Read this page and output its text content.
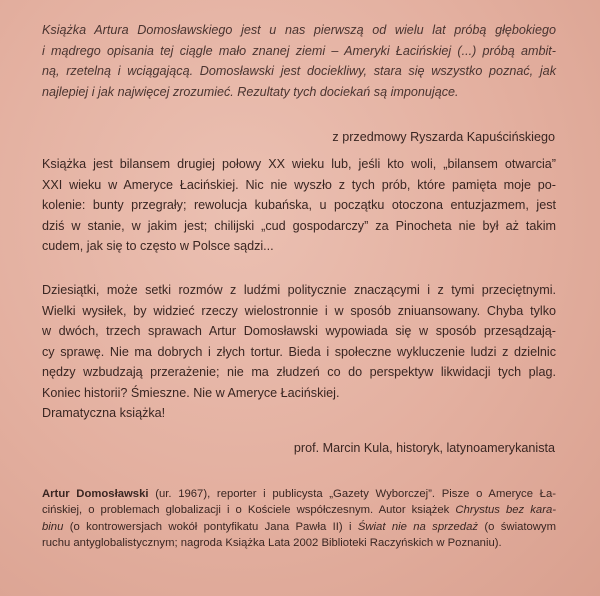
Książka Artura Domosławskiego jest u nas pierwszą od wielu lat próbą głębokiego
i mądrego opisania tej ciągle mało znanej ziemi – Ameryki Łacińskiej (...) próbą ambit-
ną, rzetelną i wciągającą. Domosławski jest dociekliwy, stara się wszystko poznać, jak
najlepiej i jak najwięcej zrozumieć. Rezultaty tych dociekań są imponujące.
z przedmowy Ryszarda Kapuścińskiego
Książka jest bilansem drugiej połowy XX wieku lub, jeśli kto woli, „bilansem otwarcia”
XXI wieku w Ameryce Łacińskiej. Nic nie wyszło z tych prób, które pamięta moje po-
kolenie: bunty przegrały; rewolucja kubańska, u początku otoczona entuzjazmem, jest
dziś w stanie, w jakim jest; chilijski „cud gospodarczy” za Pinocheta nie był aż takim
cudem, jak się to często w Polsce sądzi...
Dziesiątki, może setki rozmów z ludźmi politycznie znaczącymi i z tymi przeciętnymi.
Wielki wysiłek, by widzieć rzeczy wielostronnie i w sposób zniuansowany. Chyba tylko
w dwóch, trzech sprawach Artur Domosławski wypowiada się w sposób przesądzają-
cy sprawę. Nie ma dobrych i złych tortur. Bieda i społeczne wykluczenie ludzi z dzielnic
nędzy wzbudzają przerażenie; nie ma złudzeń co do perspektyw likwidacji tych plag.
Koniec historii? Śmieszne. Nie w Ameryce Łacińskiej.
Dramatyczna książka!
prof. Marcin Kula, historyk, latynoamerykanista
Artur Domosławski (ur. 1967), reporter i publicysta „Gazety Wyborczej”. Pisze o Ameryce Ła-
cińskiej, o problemach globalizacji i o Kościele współczesnym. Autor książek Chrystus bez kara-
binu (o kontrowersjach wokół pontyfikatu Jana Pawła II) i Świat nie na sprzedaż (o światowym
ruchu antyglobalistycznym; nagroda Książka Lata 2002 Biblioteki Raczyńskich w Poznaniu).
